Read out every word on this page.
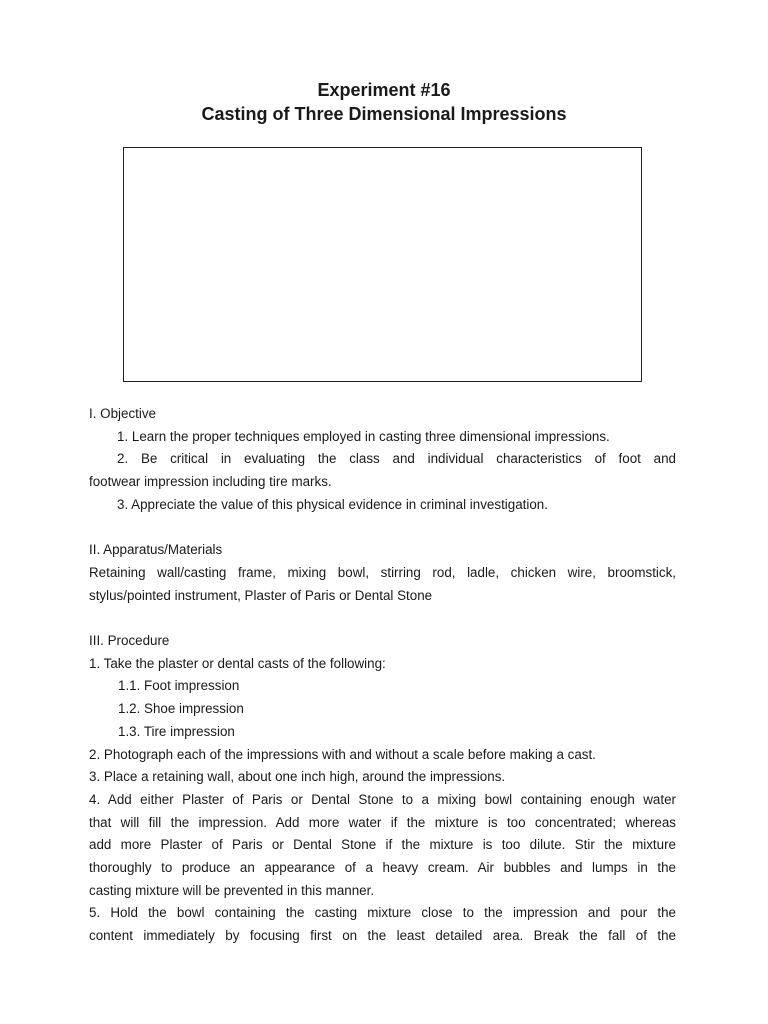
Experiment #16

Casting of Three Dimensional Impressions

I. Objective
1. Learn the proper techniques employed in casting three dimensional impressions.
2. Be critical in evaluating the class and individual characteristics of foot and
footwear impression including tire marks.
3. Appreciate the value of this physical evidence in criminal investigation.
II. Apparatus/Materials
Retaining wall/casting frame, mixing bowl, stirring rod, ladle, chicken wire, broomstick,
stylus/pointed instrument, Plaster of Paris or Dental Stone
III. Procedure
1. Take the plaster or dental casts of the following:
1.1. Foot impression
1.2. Shoe impression
1.3. Tire impression
2. Photograph each of the impressions with and without a scale before making a cast.
3. Place a retaining wall, about one inch high, around the impressions.
4. Add either Plaster of Paris or Dental Stone to a mixing bowl containing enough water
that will fill the impression. Add more water if the mixture is too concentrated; whereas
add more Plaster of Paris or Dental Stone if the mixture is too dilute. Stir the mixture
thoroughly to produce an appearance of a heavy cream. Air bubbles and lumps in the
casting mixture will be prevented in this manner.
5. Hold the bowl containing the casting mixture close to the impression and pour the
content immediately by focusing first on the least detailed area. Break the fall of the
